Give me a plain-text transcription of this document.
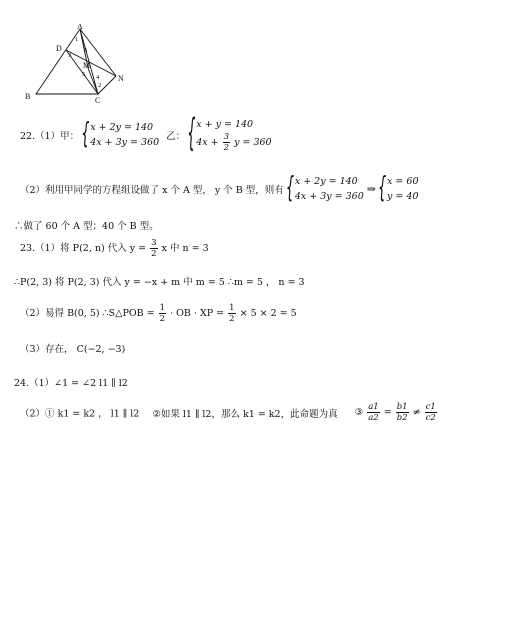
A
B	C
D
M
N
1
6
3
5 4
2
22.（1）甲：
{ x + 2y = 140
4x + 3y = 360
乙：
{ x + y = 140
$4x + \frac{3}{2}$ y = 360
（2）利用甲同学的方程组设做了 x 个 A 型， y 个 B 型，则有
{ x + 2y = 140
4x + 3y = 360
⇒
{ x = 60
y = 40
∴做了 60 个 A 型；40 个 B 型。
23.（1）将 P(2, n) 代入 $y = \frac{3}{2}$ x 中 n = 3
∴P(2, 3) 将 P(2, 3) 代入 y = −x + m 中 m = 5 ∴m = 5 ， n = 3
（2）易得 B(0, 5) ∴S△POB = $\frac{1}{2}$ · OB · XP = $\frac{1}{2} \times 5 \times 2 = 5$
（3）存在， C(−2, −3)
24.（1）∠1 = ∠2 l1 ∥ l2
（2）① k1 = k2 ， l1 ∥ l2 ②如果 l1 ∥ l2，那么 k1 = k2，此命题为真 ③ $\frac{a1}{a2} = \frac{b1}{b2} \ne \frac{c1}{c2}$
